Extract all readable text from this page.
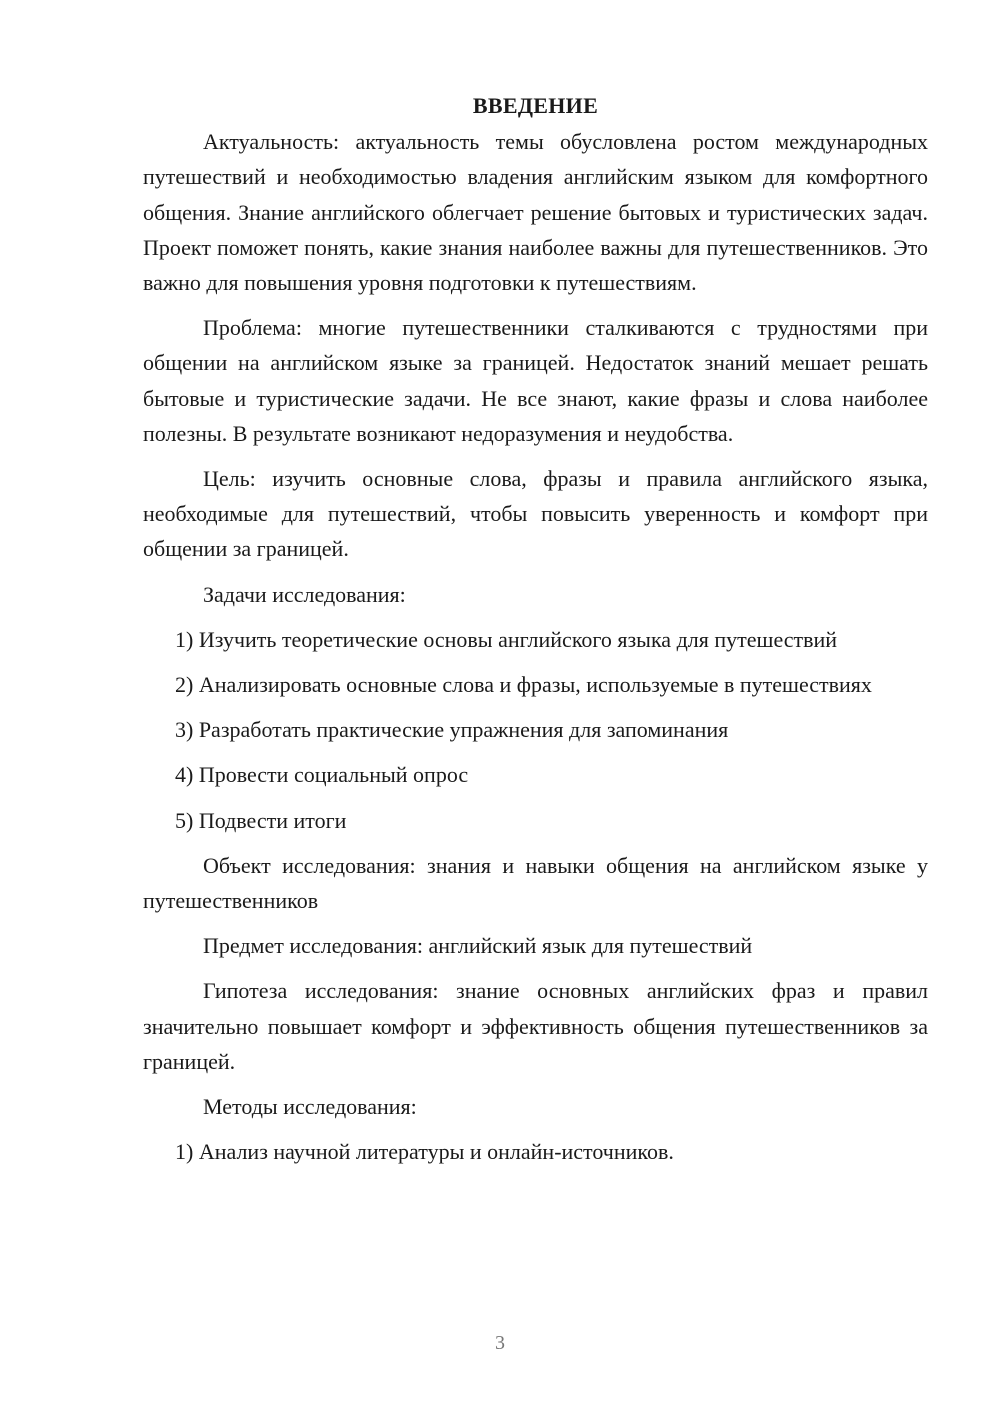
ВВЕДЕНИЕ

Актуальность: актуальность темы обусловлена ростом международных путешествий и необходимостью владения английским языком для комфортного общения. Знание английского облегчает решение бытовых и туристических задач. Проект поможет понять, какие знания наиболее важны для путешественников. Это важно для повышения уровня подготовки к путешествиям.

Проблема: многие путешественники сталкиваются с трудностями при общении на английском языке за границей. Недостаток знаний мешает решать бытовые и туристические задачи. Не все знают, какие фразы и слова наиболее полезны. В результате возникают недоразумения и неудобства.

Цель: изучить основные слова, фразы и правила английского языка, необходимые для путешествий, чтобы повысить уверенность и комфорт при общении за границей.

Задачи исследования:

1) Изучить теоретические основы английского языка для путешествий

2) Анализировать основные слова и фразы, используемые в путешествиях

3) Разработать практические упражнения для запоминания

4) Провести социальный опрос

5) Подвести итоги

Объект исследования: знания и навыки общения на английском языке у путешественников

Предмет исследования: английский язык для путешествий

Гипотеза исследования: знание основных английских фраз и правил значительно повышает комфорт и эффективность общения путешественников за границей.

Методы исследования:

1) Анализ научной литературы и онлайн-источников.

3
